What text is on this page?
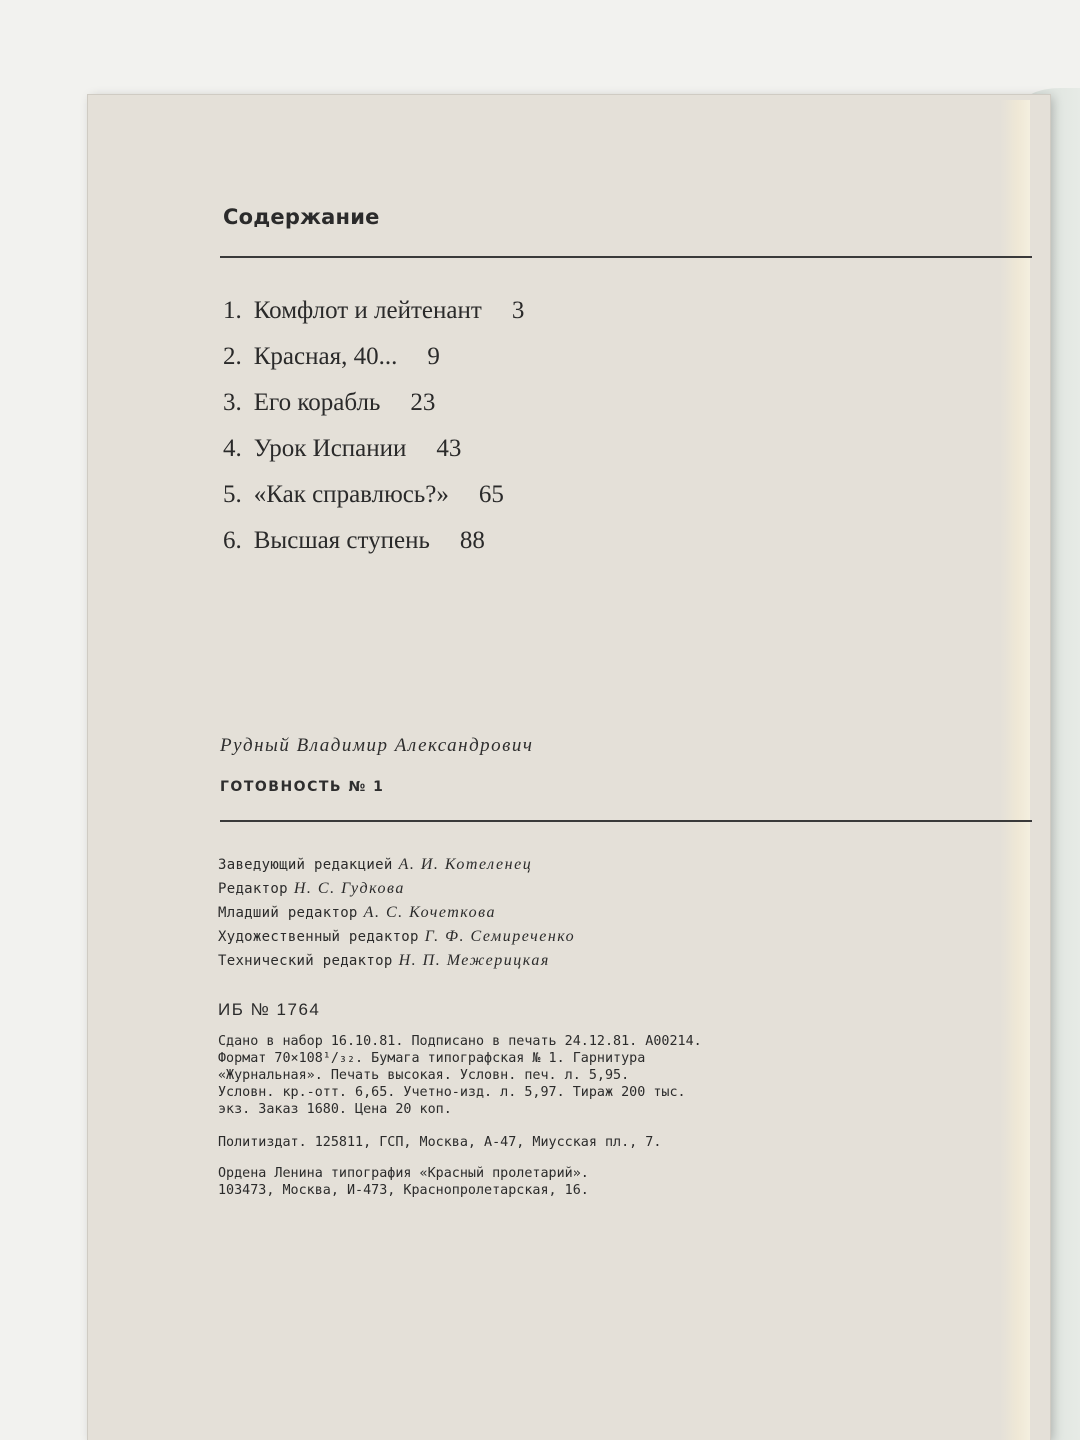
Содержание
1. Комфлот и лейтенант 3
2. Красная, 40... 9
3. Его корабль 23
4. Урок Испании 43
5. «Как справлюсь?» 65
6. Высшая ступень 88
Рудный Владимир Александрович
ГОТОВНОСТЬ № 1
Заведующий редакцией А. И. Котеленец
Редактор Н. С. Гудкова
Младший редактор А. С. Кочеткова
Художественный редактор Г. Ф. Семиреченко
Технический редактор Н. П. Межерицкая
ИБ № 1764
Сдано в набор 16.10.81. Подписано в печать 24.12.81. А00214.
Формат 70×108¹/₃₂. Бумага типографская № 1. Гарнитура
«Журнальная». Печать высокая. Условн. печ. л. 5,95.
Условн. кр.-отт. 6,65. Учетно-изд. л. 5,97. Тираж 200 тыс.
экз. Заказ 1680. Цена 20 коп.
Политиздат. 125811, ГСП, Москва, А-47, Миусская пл., 7.
Ордена Ленина типография «Красный пролетарий».
103473, Москва, И-473, Краснопролетарская, 16.
